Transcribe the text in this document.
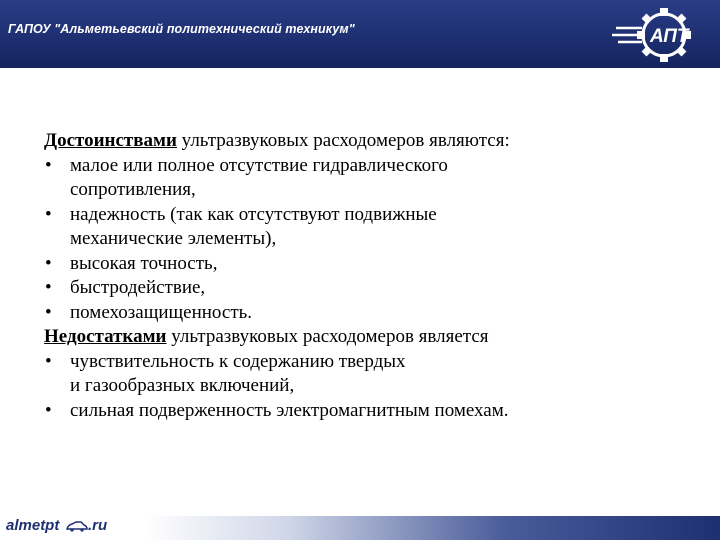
ГАПОУ "Альметьевский политехнический техникум"	АПТ

Достоинствами ультразвуковых расходомеров являются:

• малое или полное отсутствие гидравлического
сопротивления,
• надежность (так как отсутствуют подвижные
механические элементы),
• высокая точность,
• быстродействие,
• помехозащищенность.

Недостатками ультразвуковых расходомеров является

• чувствительность к содержанию твердых
и газообразных включений,
• сильная подверженность электромагнитным помехам.
almetpt .ru
